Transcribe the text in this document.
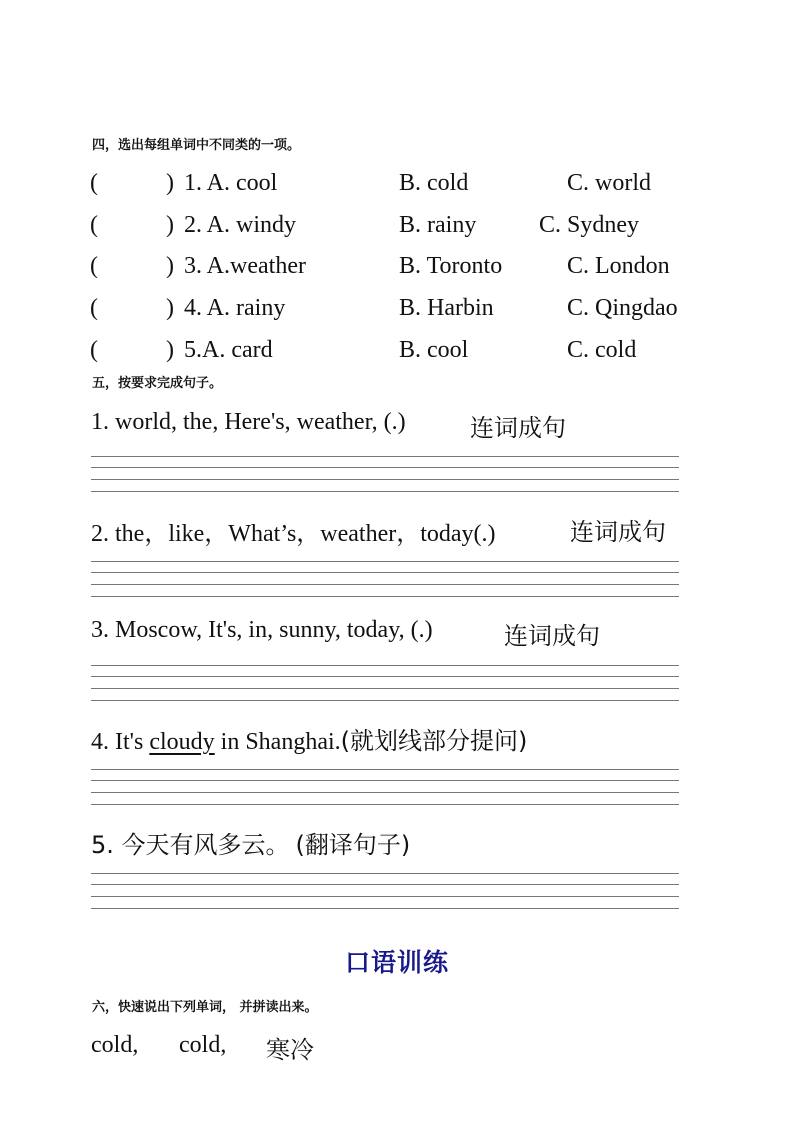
四，选出每组单词中不同类的一项。
(	) 1. A. cool	B. cold	C. world
(	) 2. A. windy	B. rainy	C. Sydney
(	) 3. A.weather	B. Toronto	C. London
(	) 4. A. rainy	B. Harbin	C. Qingdao
(	) 5.A. card	B. cool	C. cold
五，按要求完成句子。
1. world, the, Here's, weather, (.)	连词成句
2. the，like，What’s，weather，today(.)	连词成句
3. Moscow, It's, in, sunny, today, (.)	连词成句
4. It's cloudy in Shanghai.(就划线部分提问)
5. 今天有风多云。 (翻译句子)
口语训练
六，快速说出下列单词， 并拼读出来。
cold, cold, 寒冷
